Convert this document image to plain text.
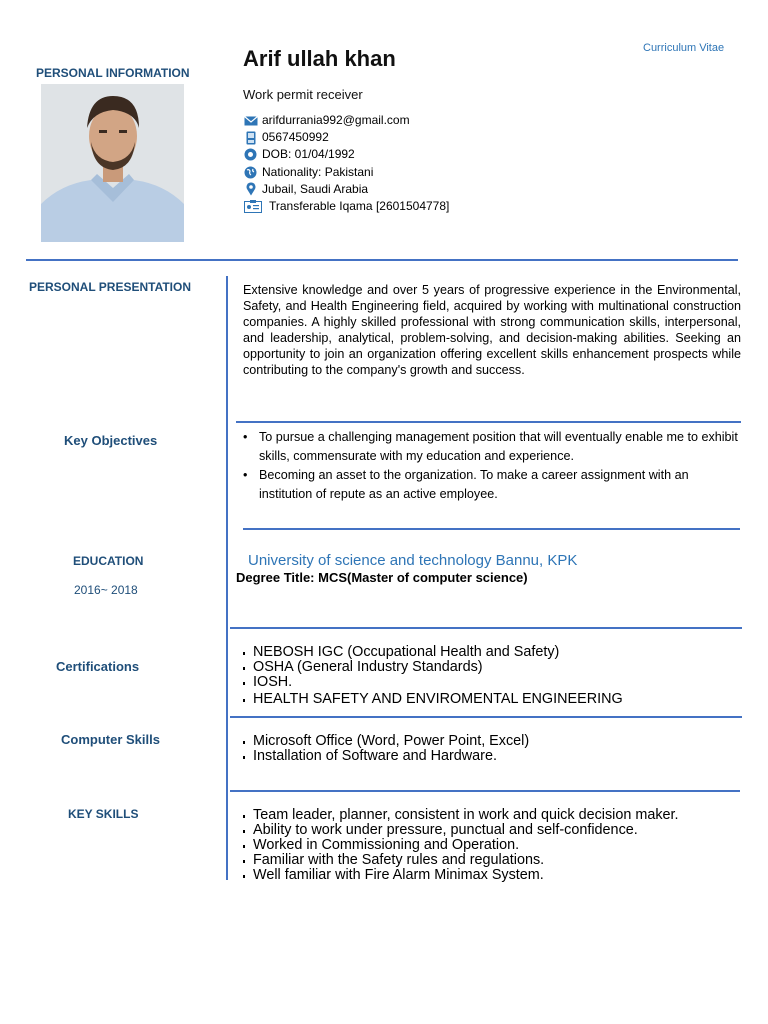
Curriculum Vitae
PERSONAL INFORMATION
Arif ullah khan
Work permit receiver
arifdurrania992@gmail.com
0567450992
DOB: 01/04/1992
Nationality: Pakistani
Jubail, Saudi Arabia
Transferable Iqama [2601504778]
PERSONAL PRESENTATION	Extensive knowledge and over 5 years of progressive experience in the Environmental, Safety, and Health Engineering field, acquired by working with multinational construction companies. A highly skilled professional with strong communication skills, interpersonal, and leadership, analytical, problem-solving, and decision-making abilities. Seeking an opportunity to join an organization offering excellent skills enhancement prospects while contributing to the company's growth and success.
Key Objectives
•	To pursue a challenging management position that will eventually enable me to exhibit skills, commensurate with my education and experience.
• Becoming an asset to the organization. To make a career assignment with an institution of repute as an active employee.
EDUCATION
2016~ 2018
University of science and technology Bannu, KPK
Degree Title: MCS(Master of computer science)
Certifications
NEBOSH IGC (Occupational Health and Safety)
OSHA (General Industry Standards)
IOSH.
HEALTH SAFETY AND ENVIROMENTAL ENGINEERING
Computer Skills	Microsoft Office (Word, Power Point, Excel)
Installation of Software and Hardware.
KEY SKILLS	Team leader, planner, consistent in work and quick decision maker.
Ability to work under pressure, punctual and self-confidence.
Worked in Commissioning and Operation.
Familiar with the Safety rules and regulations.
Well familiar with Fire Alarm Minimax System.
